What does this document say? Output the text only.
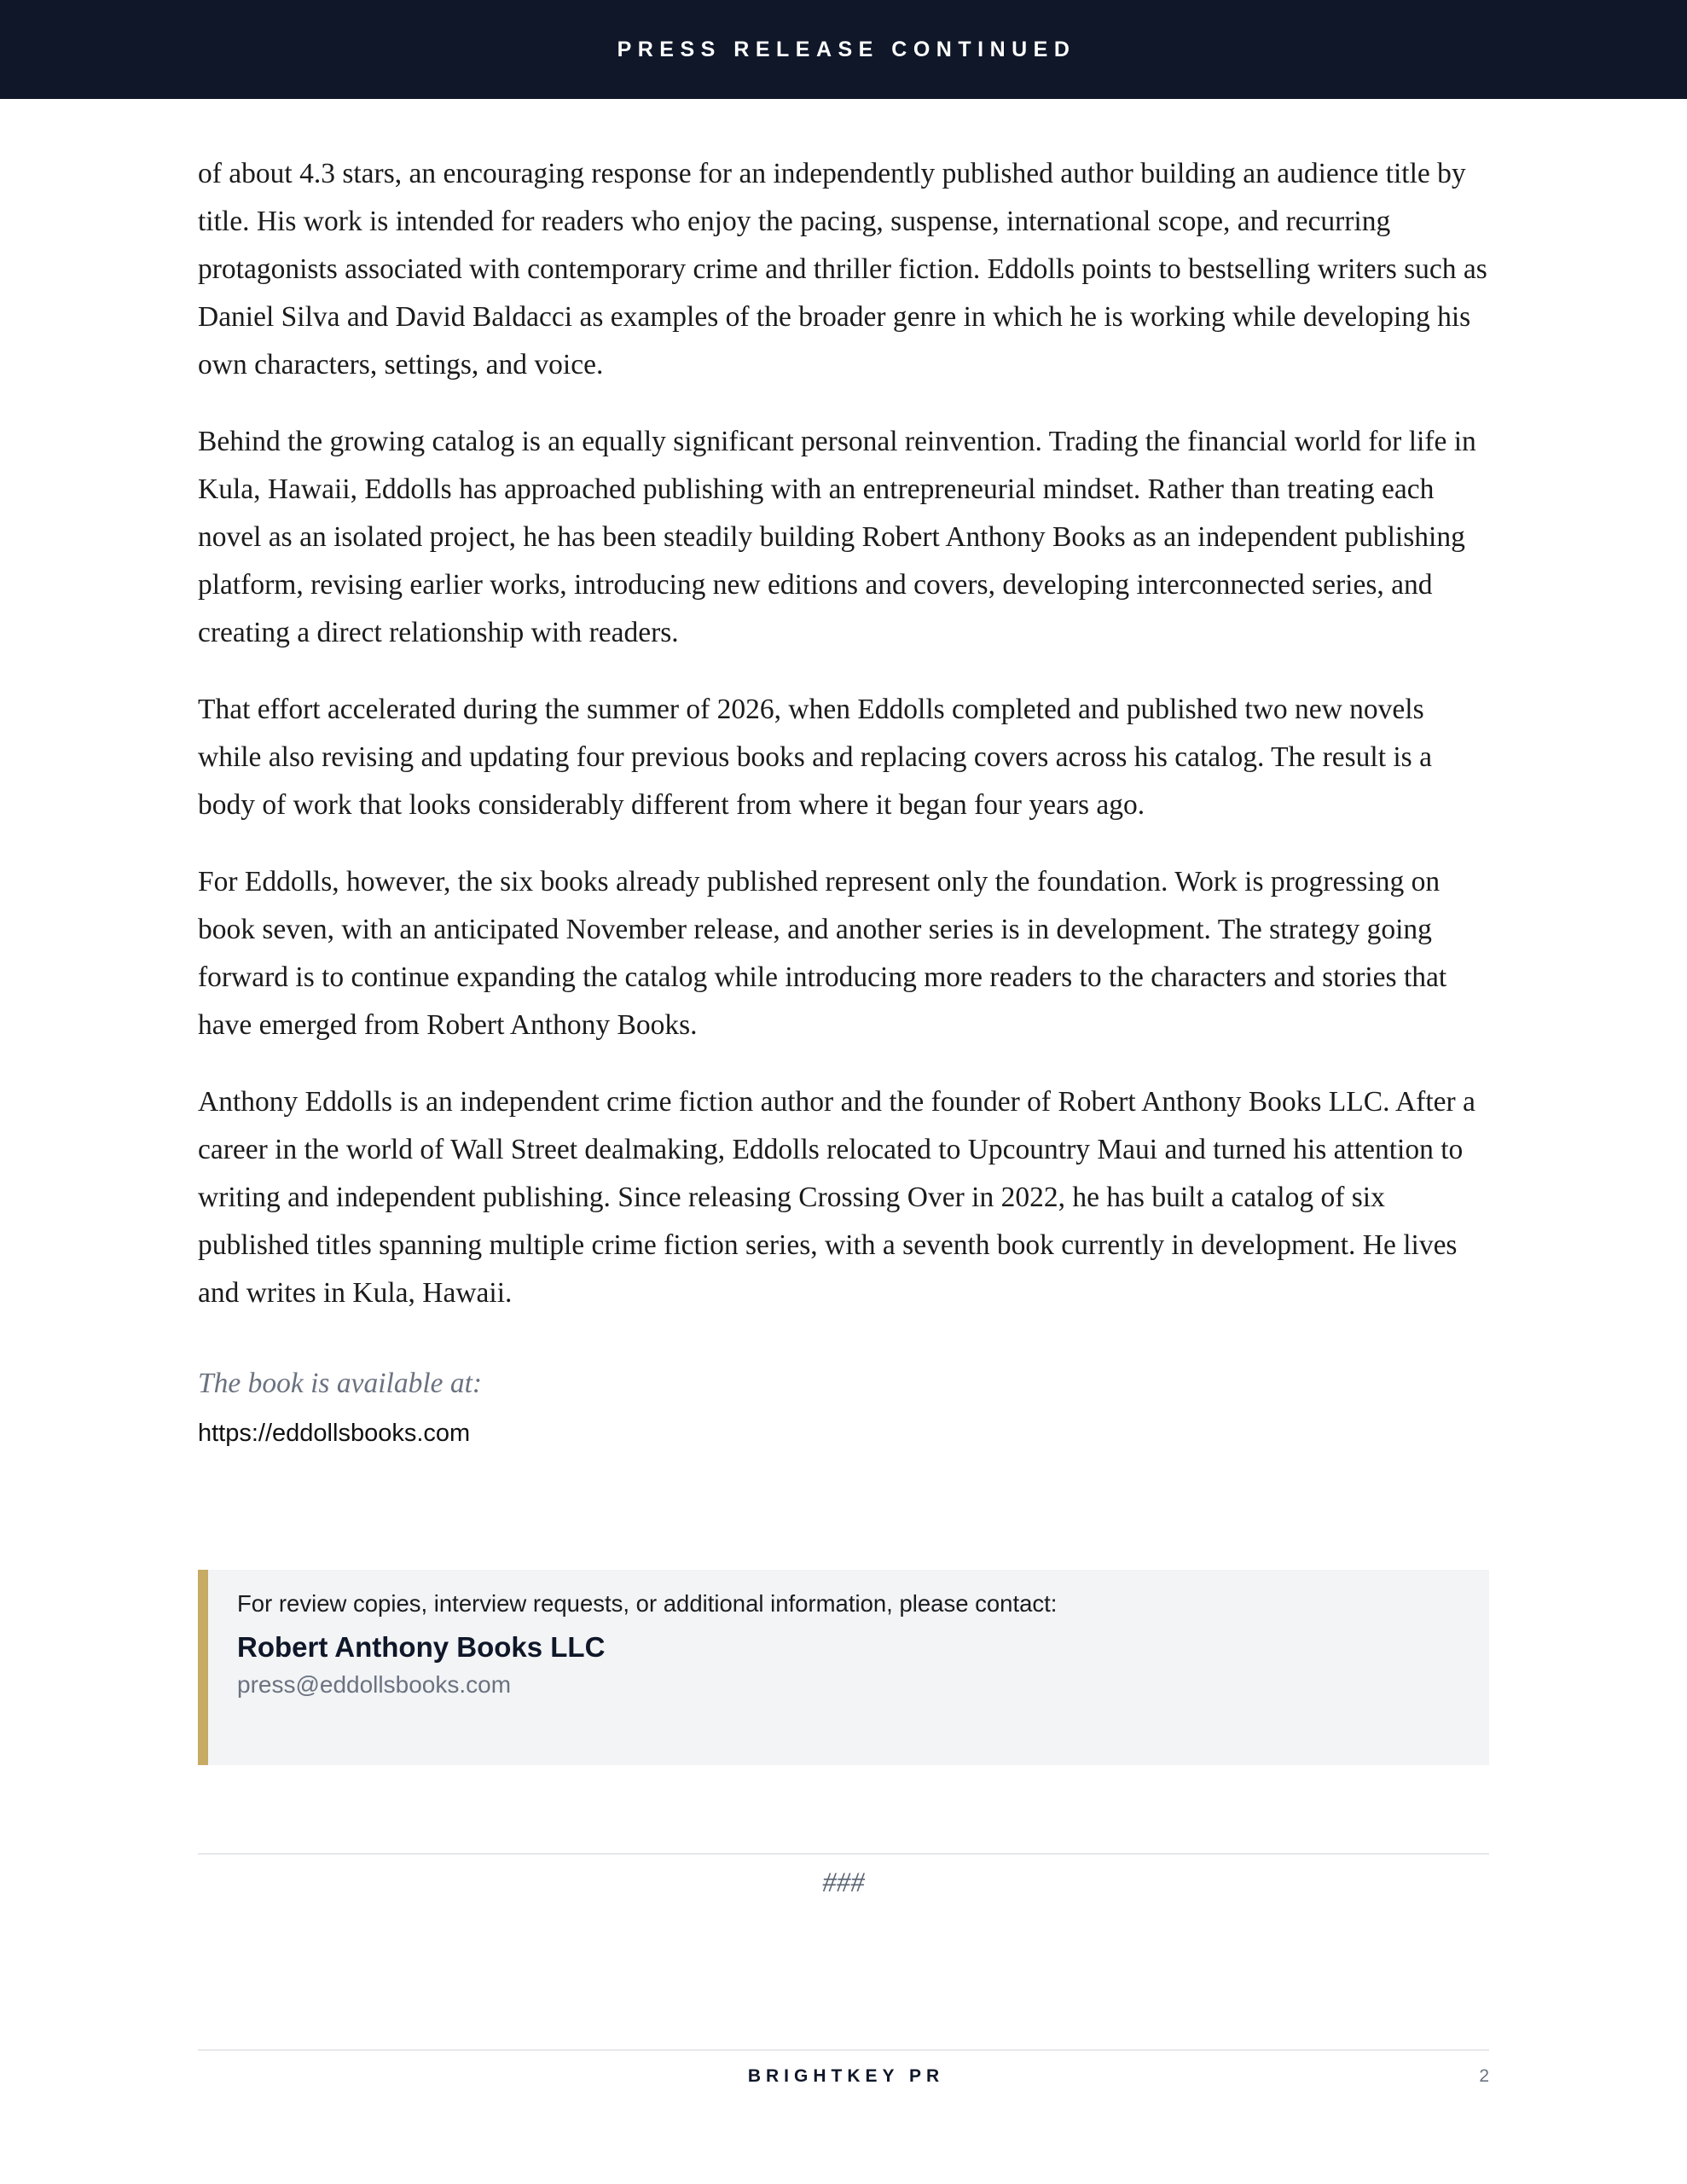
PRESS RELEASE CONTINUED

of about 4.3 stars, an encouraging response for an independently published author building an audience title by title. His work is intended for readers who enjoy the pacing, suspense, international scope, and recurring protagonists associated with contemporary crime and thriller fiction. Eddolls points to bestselling writers such as Daniel Silva and David Baldacci as examples of the broader genre in which he is working while developing his own characters, settings, and voice.

Behind the growing catalog is an equally significant personal reinvention. Trading the financial world for life in Kula, Hawaii, Eddolls has approached publishing with an entrepreneurial mindset. Rather than treating each novel as an isolated project, he has been steadily building Robert Anthony Books as an independent publishing platform, revising earlier works, introducing new editions and covers, developing interconnected series, and creating a direct relationship with readers.

That effort accelerated during the summer of 2026, when Eddolls completed and published two new novels while also revising and updating four previous books and replacing covers across his catalog. The result is a body of work that looks considerably different from where it began four years ago.

For Eddolls, however, the six books already published represent only the foundation. Work is progressing on book seven, with an anticipated November release, and another series is in development. The strategy going forward is to continue expanding the catalog while introducing more readers to the characters and stories that have emerged from Robert Anthony Books.

Anthony Eddolls is an independent crime fiction author and the founder of Robert Anthony Books LLC. After a career in the world of Wall Street dealmaking, Eddolls relocated to Upcountry Maui and turned his attention to writing and independent publishing. Since releasing Crossing Over in 2022, he has built a catalog of six published titles spanning multiple crime fiction series, with a seventh book currently in development. He lives and writes in Kula, Hawaii.

The book is available at:
https://eddollsbooks.com
For review copies, interview requests, or additional information, please contact:
Robert Anthony Books LLC
press@eddollsbooks.com
###
BRIGHTKEY PR	2
